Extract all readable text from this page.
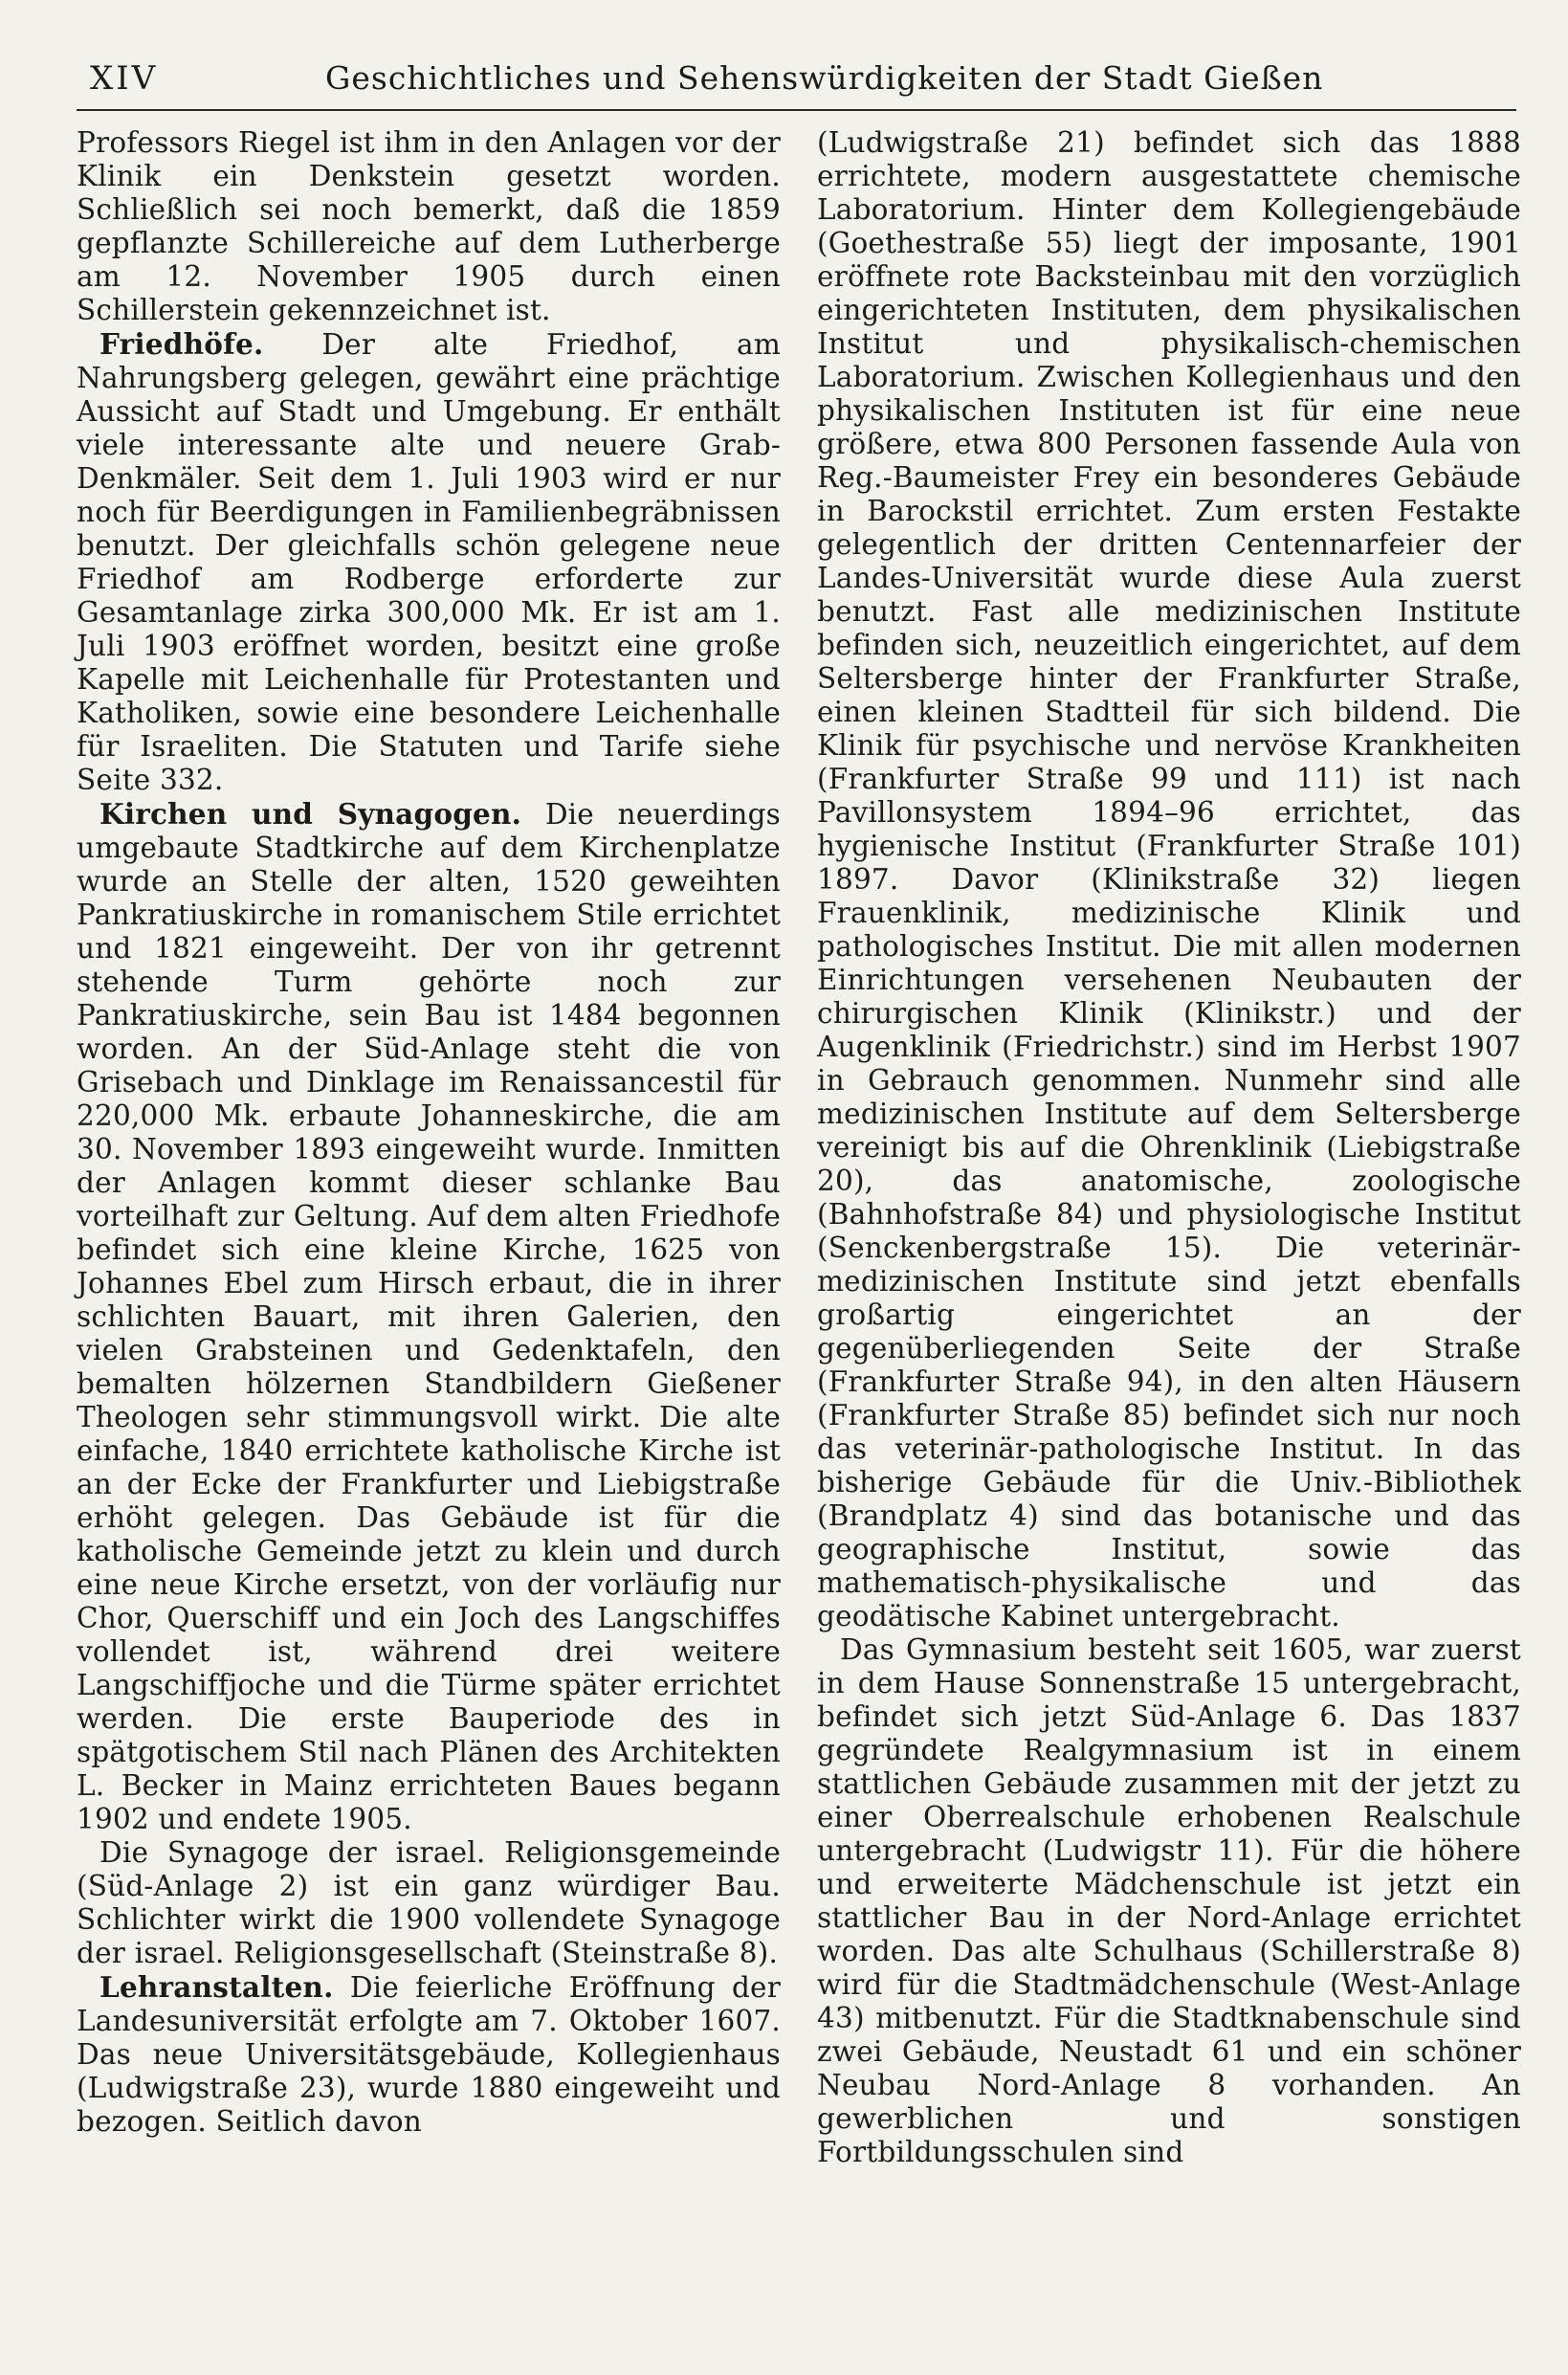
XIV	Geschichtliches und Sehenswürdigkeiten der Stadt Gießen

Professors Riegel ist ihm in den Anlagen vor der Klinik ein Denkstein gesetzt worden. Schließlich sei noch bemerkt, daß die 1859 gepflanzte Schillereiche auf dem Lutherberge am 12. November 1905 durch einen Schillerstein gekennzeichnet ist.

Friedhöfe. Der alte Friedhof, am Nahrungsberg gelegen, gewährt eine prächtige Aussicht auf Stadt und Umgebung. Er enthält viele interessante alte und neuere Grab-Denkmäler. Seit dem 1. Juli 1903 wird er nur noch für Beerdigungen in Familienbegräbnissen benutzt. Der gleichfalls schön gelegene neue Friedhof am Rodberge erforderte zur Gesamtanlage zirka 300,000 Mk. Er ist am 1. Juli 1903 eröffnet worden, besitzt eine große Kapelle mit Leichenhalle für Protestanten und Katholiken, sowie eine besondere Leichenhalle für Israeliten. Die Statuten und Tarife siehe Seite 332.

Kirchen und Synagogen. Die neuerdings umgebaute Stadtkirche auf dem Kirchenplatze wurde an Stelle der alten, 1520 geweihten Pankratiuskirche in romanischem Stile errichtet und 1821 eingeweiht. Der von ihr getrennt stehende Turm gehörte noch zur Pankratiuskirche, sein Bau ist 1484 begonnen worden. An der Süd-Anlage steht die von Grisebach und Dinklage im Renaissancestil für 220,000 Mk. erbaute Johanneskirche, die am 30. November 1893 eingeweiht wurde. Inmitten der Anlagen kommt dieser schlanke Bau vorteilhaft zur Geltung. Auf dem alten Friedhofe befindet sich eine kleine Kirche, 1625 von Johannes Ebel zum Hirsch erbaut, die in ihrer schlichten Bauart, mit ihren Galerien, den vielen Grabsteinen und Gedenktafeln, den bemalten hölzernen Standbildern Gießener Theologen sehr stimmungsvoll wirkt. Die alte einfache, 1840 errichtete katholische Kirche ist an der Ecke der Frankfurter und Liebigstraße erhöht gelegen. Das Gebäude ist für die katholische Gemeinde jetzt zu klein und durch eine neue Kirche ersetzt, von der vorläufig nur Chor, Querschiff und ein Joch des Langschiffes vollendet ist, während drei weitere Langschiffjoche und die Türme später errichtet werden. Die erste Bauperiode des in spätgotischem Stil nach Plänen des Architekten L. Becker in Mainz errichteten Baues begann 1902 und endete 1905.

Die Synagoge der israel. Religionsgemeinde (Süd-Anlage 2) ist ein ganz würdiger Bau. Schlichter wirkt die 1900 vollendete Synagoge der israel. Religionsgesellschaft (Steinstraße 8).

Lehranstalten. Die feierliche Eröffnung der Landesuniversität erfolgte am 7. Oktober 1607. Das neue Universitätsgebäude, Kollegienhaus (Ludwigstraße 23), wurde 1880 eingeweiht und bezogen. Seitlich davon

(Ludwigstraße 21) befindet sich das 1888 errichtete, modern ausgestattete chemische Laboratorium. Hinter dem Kollegiengebäude (Goethestraße 55) liegt der imposante, 1901 eröffnete rote Backsteinbau mit den vorzüglich eingerichteten Instituten, dem physikalischen Institut und physikalisch-chemischen Laboratorium. Zwischen Kollegienhaus und den physikalischen Instituten ist für eine neue größere, etwa 800 Personen fassende Aula von Reg.-Baumeister Frey ein besonderes Gebäude in Barockstil errichtet. Zum ersten Festakte gelegentlich der dritten Centennarfeier der Landes-Universität wurde diese Aula zuerst benutzt. Fast alle medizinischen Institute befinden sich, neuzeitlich eingerichtet, auf dem Seltersberge hinter der Frankfurter Straße, einen kleinen Stadtteil für sich bildend. Die Klinik für psychische und nervöse Krankheiten (Frankfurter Straße 99 und 111) ist nach Pavillonsystem 1894–96 errichtet, das hygienische Institut (Frankfurter Straße 101) 1897. Davor (Klinikstraße 32) liegen Frauenklinik, medizinische Klinik und pathologisches Institut. Die mit allen modernen Einrichtungen versehenen Neubauten der chirurgischen Klinik (Klinikstr.) und der Augenklinik (Friedrichstr.) sind im Herbst 1907 in Gebrauch genommen. Nunmehr sind alle medizinischen Institute auf dem Seltersberge vereinigt bis auf die Ohrenklinik (Liebigstraße 20), das anatomische, zoologische (Bahnhofstraße 84) und physiologische Institut (Senckenbergstraße 15). Die veterinär-medizinischen Institute sind jetzt ebenfalls großartig eingerichtet an der gegenüberliegenden Seite der Straße (Frankfurter Straße 94), in den alten Häusern (Frankfurter Straße 85) befindet sich nur noch das veterinär-pathologische Institut. In das bisherige Gebäude für die Univ.-Bibliothek (Brandplatz 4) sind das botanische und das geographische Institut, sowie das mathematisch-physikalische und das geodätische Kabinet untergebracht.

Das Gymnasium besteht seit 1605, war zuerst in dem Hause Sonnenstraße 15 untergebracht, befindet sich jetzt Süd-Anlage 6. Das 1837 gegründete Realgymnasium ist in einem stattlichen Gebäude zusammen mit der jetzt zu einer Oberrealschule erhobenen Realschule untergebracht (Ludwigstr 11). Für die höhere und erweiterte Mädchenschule ist jetzt ein stattlicher Bau in der Nord-Anlage errichtet worden. Das alte Schulhaus (Schillerstraße 8) wird für die Stadtmädchenschule (West-Anlage 43) mitbenutzt. Für die Stadtknabenschule sind zwei Gebäude, Neustadt 61 und ein schöner Neubau Nord-Anlage 8 vorhanden. An gewerblichen und sonstigen Fortbildungsschulen sind
